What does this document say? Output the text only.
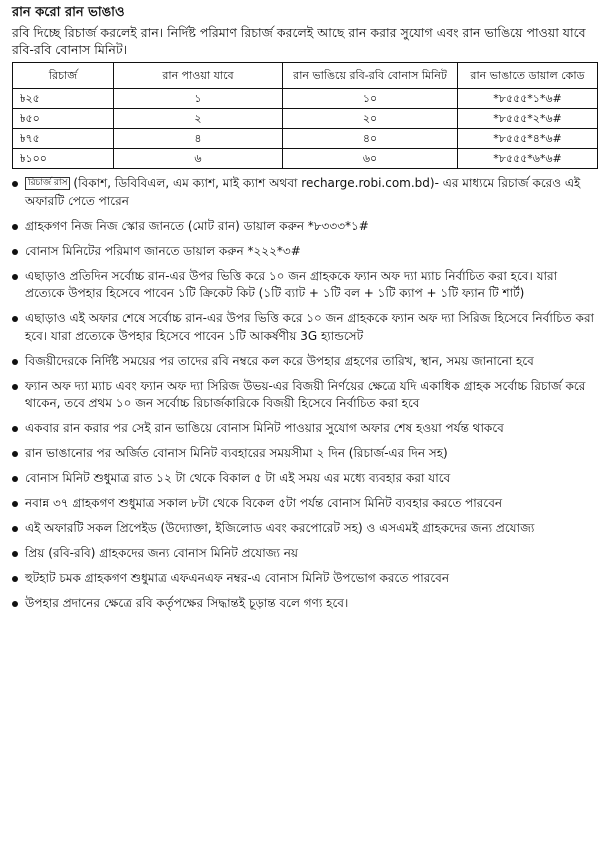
রান করো রান ভাঙাও
রবি দিচ্ছে রিচার্জ করলেই রান। নির্দিষ্ট পরিমাণ রিচার্জ করলেই আছে রান করার সুযোগ এবং রান ভাঙিয়ে পাওয়া যাবে রবি-রবি বোনাস মিনিট।
রিচার্জ	রান পাওয়া যাবে	রান ভাঙিয়ে রবি-রবি বোনাস মিনিট	রান ভাঙাতে ডায়াল কোড
৳২৫	১	১০	*৮৫৫৫*১*৬#
৳৫০	২	২০	*৮৫৫৫*২*৬#
৳৭৫	৪	৪০	*৮৫৫৫*৪*৬#
৳১০০	৬	৬০	*৮৫৫৫*৬*৬#
রিচার্জ রাস (বিকাশ, ডিবিবিএল, এম ক্যাশ, মাই ক্যাশ অথবা recharge.robi.com.bd)- এর মাধ্যমে রিচার্জ করেও এই অফারটি পেতে পারেন
গ্রাহকগণ নিজ নিজ স্কোর জানতে (মোট রান) ডায়াল করুন *৮৩৩৩*১#
বোনাস মিনিটের পরিমাণ জানতে ডায়াল করুন *২২২*৩#
এছাড়াও প্রতিদিন সর্বোচ্চ রান-এর উপর ভিত্তি করে ১০ জন গ্রাহককে ফ্যান অফ দ্যা ম্যাচ নির্বাচিত করা হবে। যারা প্রত্যেকে উপহার হিসেবে পাবেন ১টি ক্রিকেট কিট (১টি ব্যাট + ১টি বল + ১টি ক্যাপ + ১টি ফ্যান টি শার্ট)
এছাড়াও এই অফার শেষে সর্বোচ্চ রান-এর উপর ভিত্তি করে ১০ জন গ্রাহককে ফ্যান অফ দ্যা সিরিজ হিসেবে নির্বাচিত করা হবে। যারা প্রত্যেকে উপহার হিসেবে পাবেন ১টি আকর্ষণীয় 3G হ্যান্ডসেট
বিজয়ীদেরকে নির্দিষ্ট সময়ের পর তাদের রবি নম্বরে কল করে উপহার গ্রহণের তারিখ, স্থান, সময় জানানো হবে
ফ্যান অফ দ্যা ম্যাচ এবং ফ্যান অফ দ্যা সিরিজ উভয়-এর বিজয়ী নির্ণয়ের ক্ষেত্রে যদি একাধিক গ্রাহক সর্বোচ্চ রিচার্জ করে থাকেন, তবে প্রথম ১০ জন সর্বোচ্চ রিচার্জকারিকে বিজয়ী হিসেবে নির্বাচিত করা হবে
একবার রান করার পর সেই রান ভাঙিয়ে বোনাস মিনিট পাওয়ার সুযোগ অফার শেষ হওয়া পর্যন্ত থাকবে
রান ভাঙানোর পর অর্জিত বোনাস মিনিট ব্যবহারের সময়সীমা ২ দিন (রিচার্জ-এর দিন সহ)
বোনাস মিনিট শুধুমাত্র রাত ১২ টা থেকে বিকাল ৫ টা এই সময় এর মধ্যে ব্যবহার করা যাবে
নবান্ন ৩৭ গ্রাহকগণ শুধুমাত্র সকাল ৮টা থেকে বিকেল ৫টা পর্যন্ত বোনাস মিনিট ব্যবহার করতে পারবেন
এই অফারটি সকল প্রিপেইড (উদ্যোক্তা, ইজিলোড এবং করপোরেট সহ) ও এসএমই গ্রাহকদের জন্য প্রযোজ্য
প্রিয় (রবি-রবি) গ্রাহকদের জন্য বোনাস মিনিট প্রযোজ্য নয়
হুটহাট চমক গ্রাহকগণ শুধুমাত্র এফএনএফ নম্বর-এ বোনাস মিনিট উপভোগ করতে পারবেন
উপহার প্রদানের ক্ষেত্রে রবি কর্তৃপক্ষের সিদ্ধান্তই চূড়ান্ত বলে গণ্য হবে।
